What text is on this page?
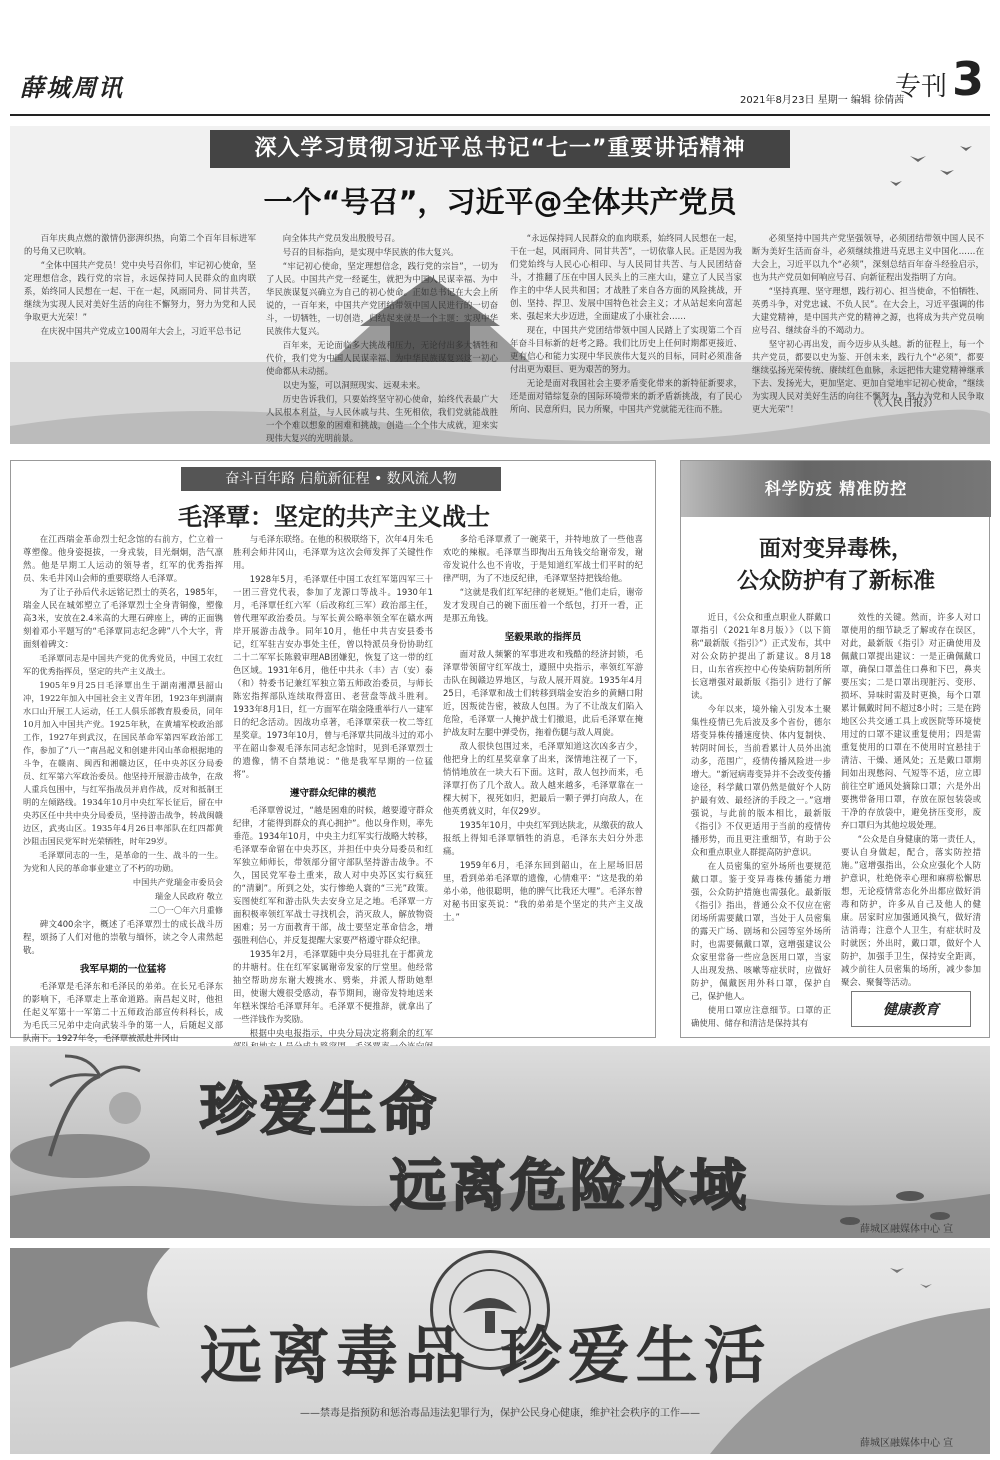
薛城周讯	2021年8月23日 星期一 编辑 徐倩茜
专刊 3
深入学习贯彻习近平总书记“七一”重要讲话精神
一个“号召”，习近平@全体共产党员

百年庆典点燃的激情仍澎湃织热，向第二个百年目标进军的号角又已吹响。

“全体中国共产党员！党中央号召你们，牢记初心使命，坚定理想信念，践行党的宗旨，永远保持同人民群众的血肉联系，始终同人民想在一起、干在一起，风雨同舟、同甘共苦，继续为实现人民对美好生活的向往不懈努力，努力为党和人民争取更大光荣！”

在庆祝中国共产党成立100周年大会上，习近平总书记

向全体共产党员发出殷殷号召。

号召的目标指向，是实现中华民族的伟大复兴。

“牢记初心使命，坚定理想信念，践行党的宗旨”，一切为了人民。中国共产党一经诞生，就把为中国人民谋幸福、为中华民族谋复兴确立为自己的初心使命。正如总书记在大会上所说的，一百年来，中国共产党团结带领中国人民进行的一切奋斗，一切牺牲，一切创造，归结起来就是一个主题：实现中华民族伟大复兴。

百年来，无论面临多大挑战和压力，无论付出多大牺牲和代价，我们党为中国人民谋幸福、为中华民族谋复兴这一初心使命都从未动摇。

以史为鉴，可以洞照现实、远观未来。

历史告诉我们，只要始终坚守初心使命，始终代表最广大人民根本利益，与人民休戚与共、生死相依，我们党就能战胜一个个难以想象的困难和挑战，创造一个个伟大成就，迎来实现伟大复兴的光明前景。

“永远保持同人民群众的血肉联系，始终同人民想在一起，干在一起，风雨同舟、同甘共苦”，一切依靠人民。正是因为我们党始终与人民心心相印、与人民同甘共苦、与人民团结奋斗，才推翻了压在中国人民头上的三座大山，建立了人民当家作主的中华人民共和国；才战胜了来自各方面的风险挑战，开创、坚持、捍卫、发展中国特色社会主义；才从站起来向富起来、强起来大步迈进，全面建成了小康社会……

现在，中国共产党团结带领中国人民踏上了实现第二个百年奋斗目标新的赶考之路。我们比历史上任何时期都更接近、更有信心和能力实现中华民族伟大复兴的目标，同时必须准备付出更为艰巨、更为艰苦的努力。

无论是面对我国社会主要矛盾变化带来的新特征新要求，还是面对错综复杂的国际环境带来的新矛盾新挑战，有了民心所向、民意所归，民力所聚，中国共产党就能无往而不胜。

必须坚持中国共产党坚强领导，必须团结带领中国人民不断为美好生活而奋斗，必须继续推进马克思主义中国化……在大会上，习近平以九个“必须”，深刻总结百年奋斗经验启示，也为共产党员如何响应号召、向新征程出发指明了方向。

“坚持真理、坚守理想，践行初心、担当使命，不怕牺牲、英勇斗争，对党忠诚、不负人民”。在大会上，习近平强调的伟大建党精神，是中国共产党的精神之源，也将成为共产党员响应号召、继续奋斗的不竭动力。

坚守初心再出发，而今迈步从头越。新的征程上，每一个共产党员，都要以史为鉴、开创未来，践行九个“必须”，都要继续弘扬光荣传统、赓续红色血脉，永远把伟大建党精神继承下去、发扬光大，更加坚定、更加自觉地牢记初心使命，“继续为实现人民对美好生活的向往不懈努力，努力为党和人民争取更大光荣”！	（《人民日报》）
奋斗百年路 启航新征程 • 数风流人物
毛泽覃：坚定的共产主义战士

在江西瑞金革命烈士纪念馆的右前方，伫立着一尊塑像。他身姿挺拔，一身戎装，目光炯炯，浩气凛然。他是早期工人运动的领导者，红军的优秀指挥员、朱毛井冈山会师的重要联络人毛泽覃。

为了让子孙后代永远铭记烈士的英名，1985年，瑞金人民在城郊塑立了毛泽覃烈士全身青铜像，塑像高3米，安放在2.4米高的大理石碑座上，碑的正面镌刻着邓小平题写的“毛泽覃同志纪念碑”八个大字，背面刻着碑文：

毛泽覃同志是中国共产党的优秀党员，中国工农红军的优秀指挥员，坚定的共产主义战士。

1905年9月25日毛泽覃出生于湖南湘潭县韶山冲，1922年加入中国社会主义青年团，1923年到湖南水口山开展工人运动，任工人俱乐部教育股委员，同年10月加入中国共产党。1925年秋，在黄埔军校政治部工作，1927年到武汉，在国民革命军第四军政治部工作，参加了“八一”南昌起义和创建井冈山革命根据地的斗争，在赣南、闽西和湘赣边区，任中央苏区分局委员、红军第六军政治委员。他坚持开展游击战争，在敌人重兵包围中，与红军指战员并肩作战，反对和抵制王明的左倾路线。1934年10月中央红军长征后，留在中央苏区任中共中央分局委员，坚持游击战争，转战闽赣边区，武夷山区。1935年4月26日率部队在红四都黄沙阻击国民党军时光荣牺牲，时年29岁。

毛泽覃同志的一生，是革命的一生、战斗的一生。为党和人民的革命事业建立了不朽的功勋。

中国共产党瑞金市委员会

瑞金人民政府 敬立

二〇一〇年六月重修

碑文400余字，概述了毛泽覃烈士的成长战斗历程，颂扬了人们对他的崇敬与缅怀，读之令人肃然起敬。

我军早期的一位猛将

毛泽覃是毛泽东和毛泽民的弟弟。在长兄毛泽东的影响下，毛泽覃走上革命道路。南昌起义时，他担任起义军第十一军第二十五师政治部宣传科科长，成为毛氏三兄弟中走向武装斗争的第一人，后随起义部队南下。1927年冬，毛泽覃被派赴井冈山

与毛泽东联络。在他的积极联络下，次年4月朱毛胜利会师井冈山，毛泽覃为这次会师发挥了关键性作用。

1928年5月，毛泽覃任中国工农红军第四军三十一团三营党代表，参加了龙源口等战斗。1930年1月，毛泽覃任红六军（后改称红三军）政治部主任，曾代理军政治委员。与军长黄公略率领全军在赣水两岸开展游击战争。同年10月，他任中共吉安县委书记，红军驻吉安办事处主任，曾以特派员身份协助红二十二军军长陈毅审理AB团嫌犯，恢复了这一带的红色区域。1931年6月，他任中共永（丰）吉（安）泰（和）特委书记兼红军独立第五师政治委员，与师长陈宏指挥部队连续取得富田、老营盘等战斗胜利。1933年8月1日，红一方面军在瑞金隆重举行八一建军日的纪念活动。因战功卓著，毛泽覃荣获一枚二等红星奖章。1973年10月，曾与毛泽覃共同战斗过的邓小平在韶山参观毛泽东同志纪念馆时，见到毛泽覃烈士的遗像，情不自禁地说：“他是我军早期的一位猛将”。

遵守群众纪律的模范

毛泽覃曾说过，“越是困难的时候，越要遵守群众纪律，才能得到群众的真心拥护”。他以身作则，率先垂范。1934年10月，中央主力红军实行战略大转移，毛泽覃奉命留在中央苏区，并担任中央分局委员和红军独立师师长，带领部分留守部队坚持游击战争。不久，国民党军卷土重来，敌人对中央苏区实行疯狂的“清剿”。所到之处，实行惨绝人寰的“三光”政策。妄图使红军和游击队失去安身立足之地。毛泽覃一方面积极率领红军战士寻找机会，消灭敌人，解放物资困难；另一方面教育干部，战士要坚定革命信念，增强胜利信心，并反复提醒大家要严格遵守群众纪律。

1935年2月，毛泽覃随中央分局驻扎在于都黄龙的井塘村。住在红军家属谢帝发家的厅堂里。他经常抽空帮助房东谢大嫂挑水、劈柴，并派人帮助她犁田，使谢大嫂很受感动，春节期间，谢帝发特地送来年糕米馃给毛泽覃拜年。毛泽覃不便推辞，就拿出了一些洋钱作为奖励。

根据中央电报指示，中央分局决定将剩余的红军

多给毛泽覃煮了一碗菜干，并特地放了一些他喜欢吃的辣椒。毛泽覃当即掏出五角钱交给谢帝发，谢帝发说什么也不肯收，于是知道红军战士们平时的纪律严明，为了不违反纪律，毛泽覃坚持把钱给他。

“这就是我们红军纪律的老规矩。”他们走后，谢帝发才发现自己的碗下面压着一个纸包，打开一看，正是那五角钱。

坚毅果敢的指挥员

面对敌人频繁的军事进攻和残酷的经济封锁，毛泽覃带领留守红军战士，遵照中央指示，率领红军游击队在闽赣边界地区，与敌人展开周旋。1935年4月25日，毛泽覃和战士们转移到瑞金安治乡的黄鳝口附近，因叛徒告密，被敌人包围。为了不让战友们陷入危险，毛泽覃一人掩护战士们撤退，此后毛泽覃在掩护战友时左腿中弹受伤，拖着伤腿与敌人周旋。

敌人很快包围过来，毛泽覃知道这次凶多吉少，他把身上的红星奖章拿了出来，深情地注视了一下，悄悄地放在一块大石下面。这时，敌人包抄而来，毛泽覃打伤了几个敌人。敌人越来越多，毛泽覃靠在一棵大树下，视死如归，把最后一颗子弹打向敌人，在他英勇就义时，年仅29岁。

1935年10月，中央红军到达陕北，从缴获的敌人报纸上得知毛泽覃牺牲的消息，毛泽东夫妇分外悲痛。

1959年6月，毛泽东回到韶山，在上屋场旧居里，看到弟弟毛泽覃的遗像，心情难平：“这是我的弟弟小弟，他很聪明，他的脾气比我还大哩”。毛泽东曾对秘书田家英说：“我的弟弟是个坚定的共产主义战士。”

科学防疫 精准防控
面对变异毒株，
公众防护有了新标准

近日，《公众和重点职业人群戴口罩指引（2021年8月版）》（以下简称“最新版《指引》”）正式发布，其中对公众防护提出了新建议。8月18日，山东省疾控中心传染病防制所所长寇增强对最新版《指引》进行了解读。

今年以来，境外输入引发本土聚集性疫情已先后波及多个省份，德尔塔变异株传播速度快、体内复制快、转阴时间长，当前看累计人员外出流动多，范围广，疫情传播风险进一步增大。“新冠病毒变异并不会改变传播途径，科学戴口罩仍然是做好个人防护最有效、最经济的手段之一。”寇增强说，与此前的版本相比，最新版《指引》不仅更适用于当前的疫情传播形势，而且更注重细节，有助于公众和重点职业人群提高防护意识。

在人员密集的室外场所也要规范戴口罩。鉴于变异毒株传播能力增强，公众防护措施也需强化。最新版《指引》指出，普通公众不仅应在密闭场所需要戴口罩，当处于人员密集的露天广场、剧场和公园等室外场所时，也需要佩戴口罩，寇增强建议公众家里常备一些应急医用口罩，当家人出现发热、咳嗽等症状时，应做好防护，佩戴医用外科口罩，保护自己，保护他人。

使用口罩应注意细节。口罩的正确使用、储存和清洁是保持其有

效性的关键。然而，许多人对口罩使用的细节缺乏了解或存在误区，对此，最新版《指引》对正确使用及佩戴口罩提出建议：一是正确佩戴口罩，确保口罩盖住口鼻和下巴，鼻夹要压实；二是口罩出现脏污、变形、损坏、异味时需及时更换，每个口罩累计佩戴时间不超过8小时；三是在跨地区公共交通工具上或医院等环境使用过的口罩不建议重复使用；四是需重复使用的口罩在不使用时宜悬挂于清洁、干燥、通风处；五是戴口罩期间如出现憋闷、气短等不适，应立即前往空旷通风处摘除口罩；六是外出要携带备用口罩，存放在原包装袋或干净的存放袋中，避免挤压变形，废弃口罩归为其他垃圾处理。

“公众是自身健康的第一责任人，要认自身做起，配合，落实防控措施。”寇增强指出，公众应强化个人防护意识，杜绝侥幸心理和麻痹松懈思想，无论疫情常态化外出都应做好消毒和防护，许多从自己及他人的健康。居家时应加强通风换气，做好清洁消毒；注意个人卫生，有症状时及时就医；外出时，戴口罩，做好个人防护，加强手卫生，保持安全距离，减少前往人员密集的场所，减少参加聚会、聚餐等活动。

健康教育
珍爱生命
远离危险水域
薛城区融媒体中心 宣
远离毒品 珍爱生活
——禁毒是指预防和惩治毒品违法犯罪行为，保护公民身心健康，维护社会秩序的工作——
薛城区融媒体中心 宣
